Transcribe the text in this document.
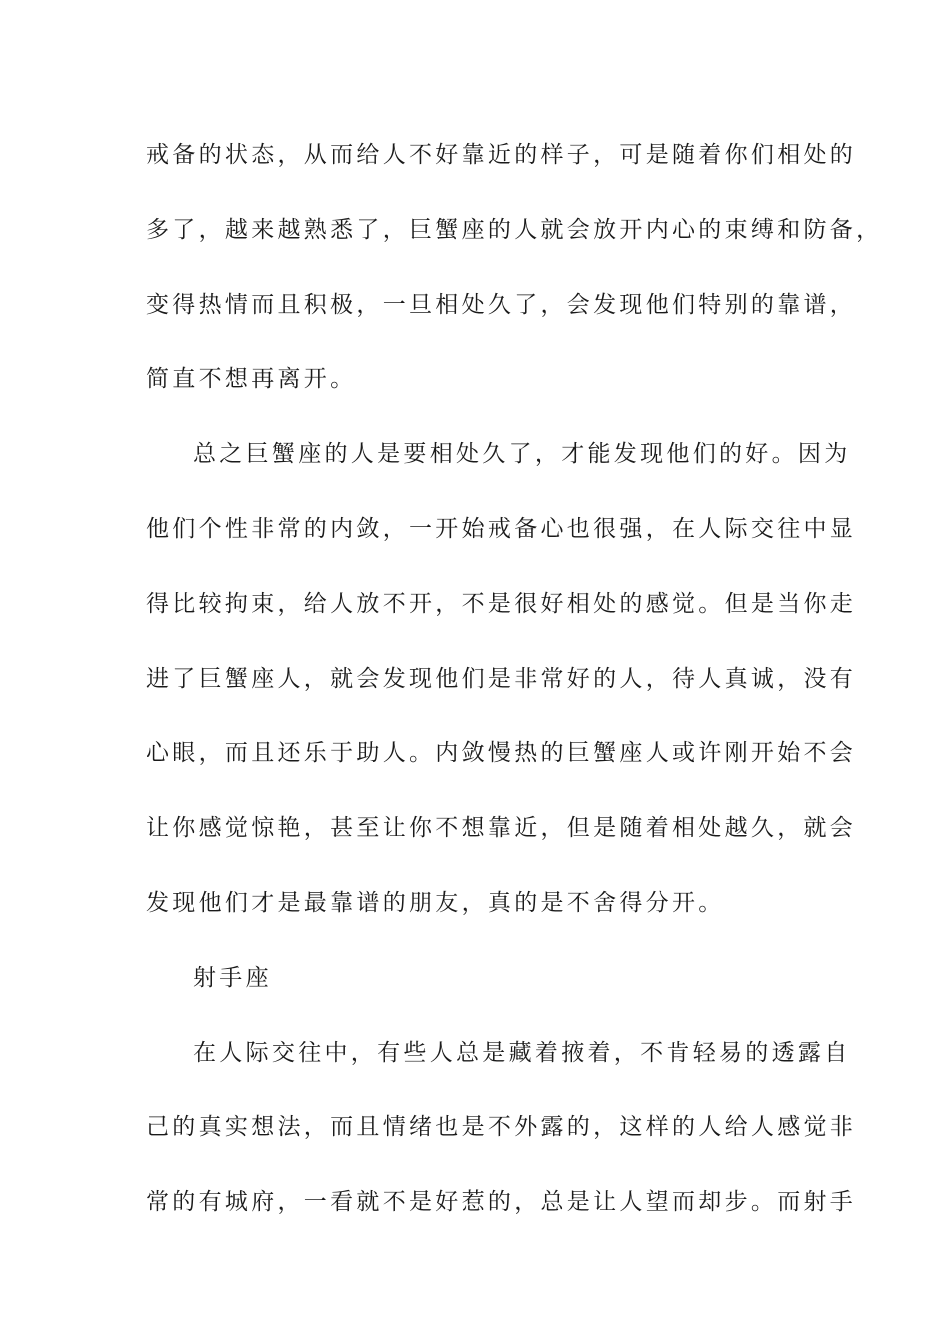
戒备的状态，从而给人不好靠近的样子，可是随着你们相处的
多了，越来越熟悉了，巨蟹座的人就会放开内心的束缚和防备，
变得热情而且积极，一旦相处久了，会发现他们特别的靠谱，
简直不想再离开。
总之巨蟹座的人是要相处久了，才能发现他们的好。因为
他们个性非常的内敛，一开始戒备心也很强，在人际交往中显
得比较拘束，给人放不开，不是很好相处的感觉。但是当你走
进了巨蟹座人，就会发现他们是非常好的人，待人真诚，没有
心眼，而且还乐于助人。内敛慢热的巨蟹座人或许刚开始不会
让你感觉惊艳，甚至让你不想靠近，但是随着相处越久，就会
发现他们才是最靠谱的朋友，真的是不舍得分开。
射手座
在人际交往中，有些人总是藏着掖着，不肯轻易的透露自
己的真实想法，而且情绪也是不外露的，这样的人给人感觉非
常的有城府，一看就不是好惹的，总是让人望而却步。而射手
